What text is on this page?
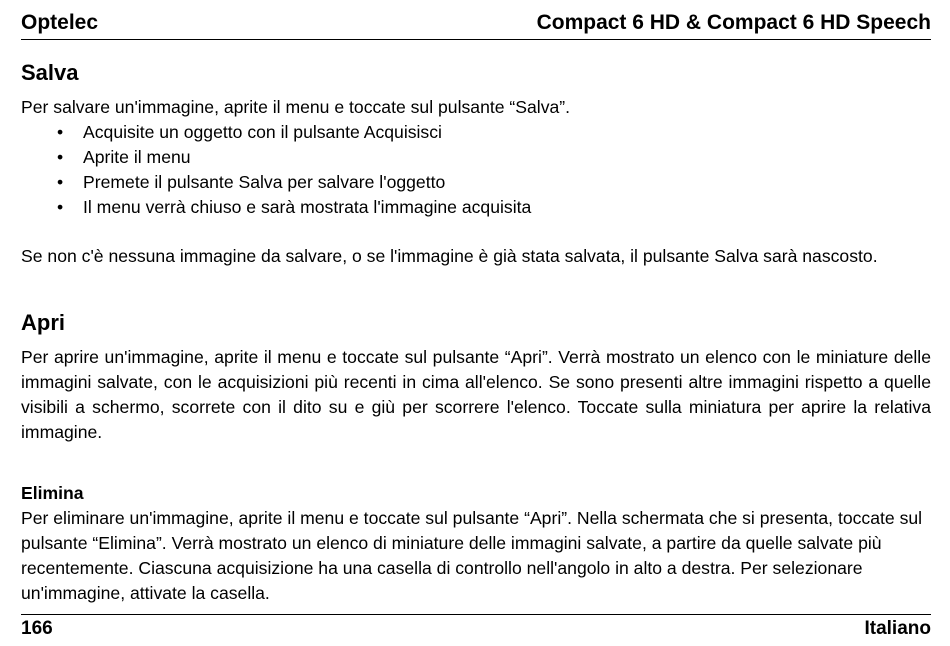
Optelec	Compact 6 HD & Compact 6 HD Speech
Salva

Per salvare un'immagine, aprite il menu e toccate sul pulsante “Salva”.

• Acquisite un oggetto con il pulsante Acquisisci
• Aprite il menu
• Premete il pulsante Salva per salvare l'oggetto
• Il menu verrà chiuso e sarà mostrata l'immagine acquisita

Se non c'è nessuna immagine da salvare, o se l'immagine è già stata salvata, il pulsante Salva sarà nascosto.

Apri

Per aprire un'immagine, aprite il menu e toccate sul pulsante “Apri”. Verrà mostrato un elenco con le miniature delle immagini salvate, con le acquisizioni più recenti in cima all'elenco. Se sono presenti altre immagini rispetto a quelle visibili a schermo, scorrete con il dito su e giù per scorrere l'elenco. Toccate sulla miniatura per aprire la relativa immagine.

Elimina

Per eliminare un'immagine, aprite il menu e toccate sul pulsante “Apri”. Nella schermata che si presenta, toccate sul pulsante “Elimina”. Verrà mostrato un elenco di miniature delle immagini salvate, a partire da quelle salvate più recentemente. Ciascuna acquisizione ha una casella di controllo nell'angolo in alto a destra. Per selezionare un'immagine, attivate la casella.

166	Italiano
